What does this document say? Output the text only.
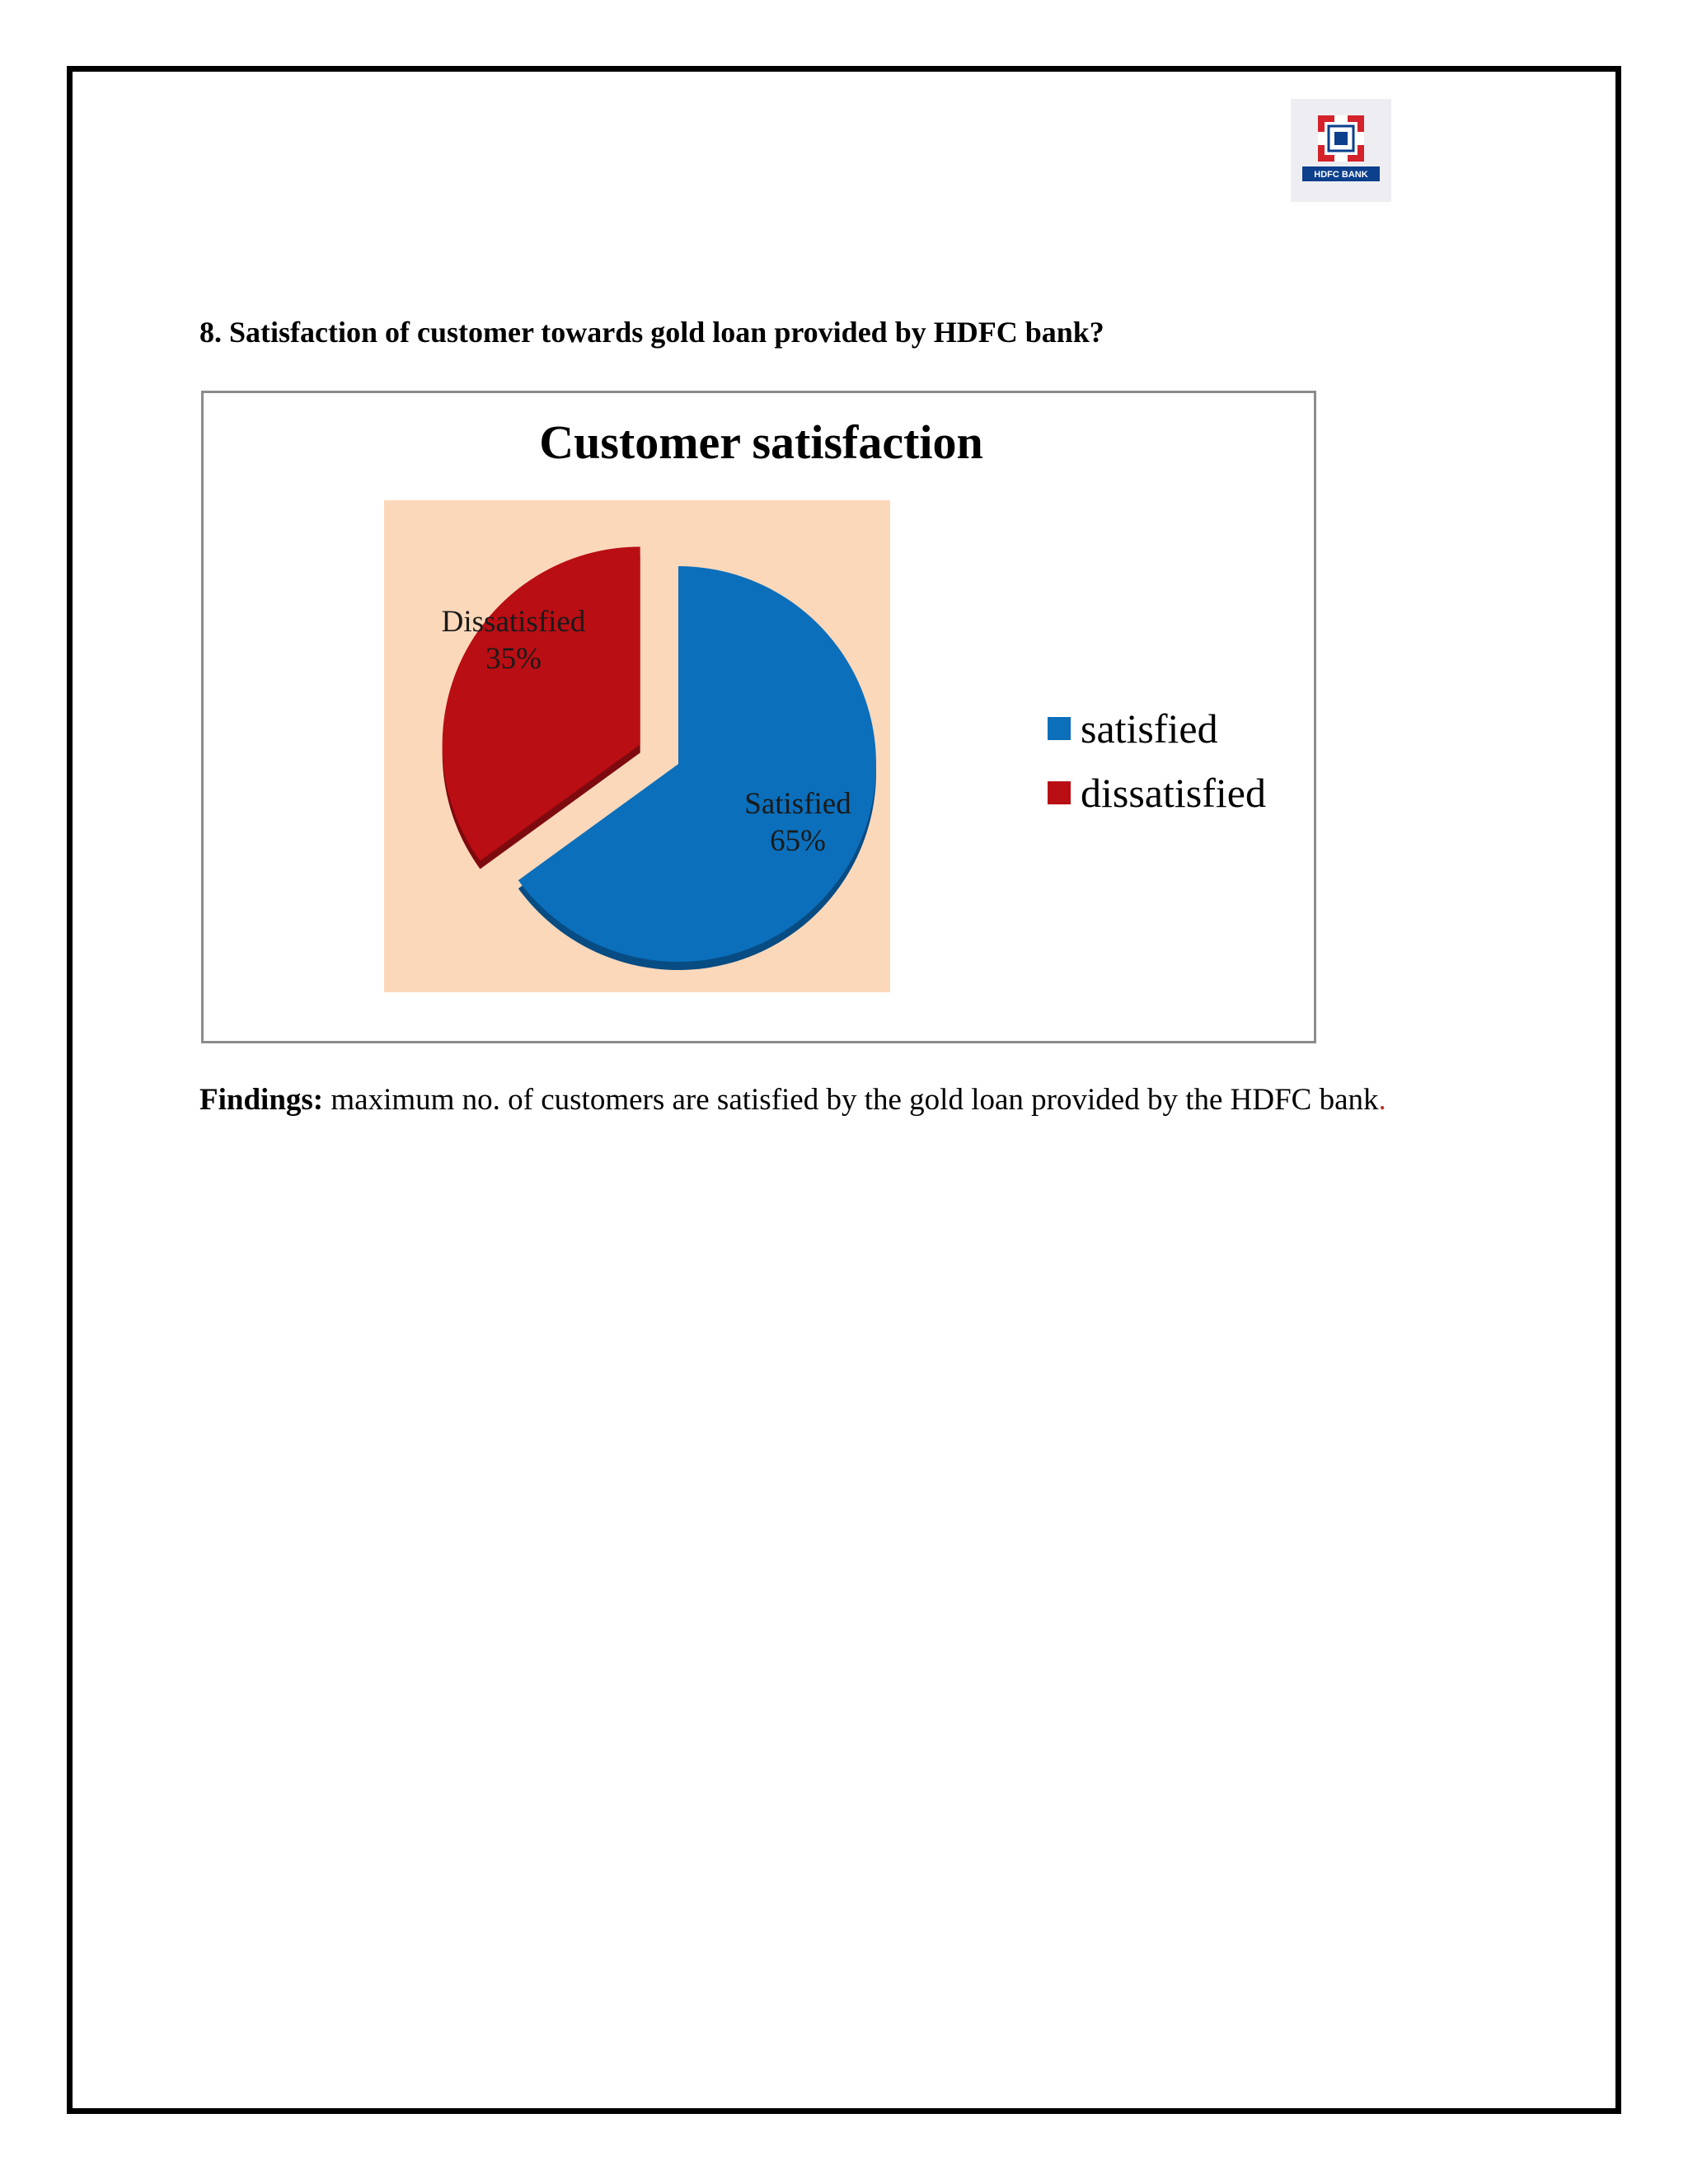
HDFC BANK
8. Satisfaction of customer towards gold loan provided by HDFC bank?
Customer satisfaction
Satisfied
65%
Dissatisfied
35%
satisfied
dissatisfied
Findings: maximum no. of customers are satisfied by the gold loan provided by the HDFC bank.
